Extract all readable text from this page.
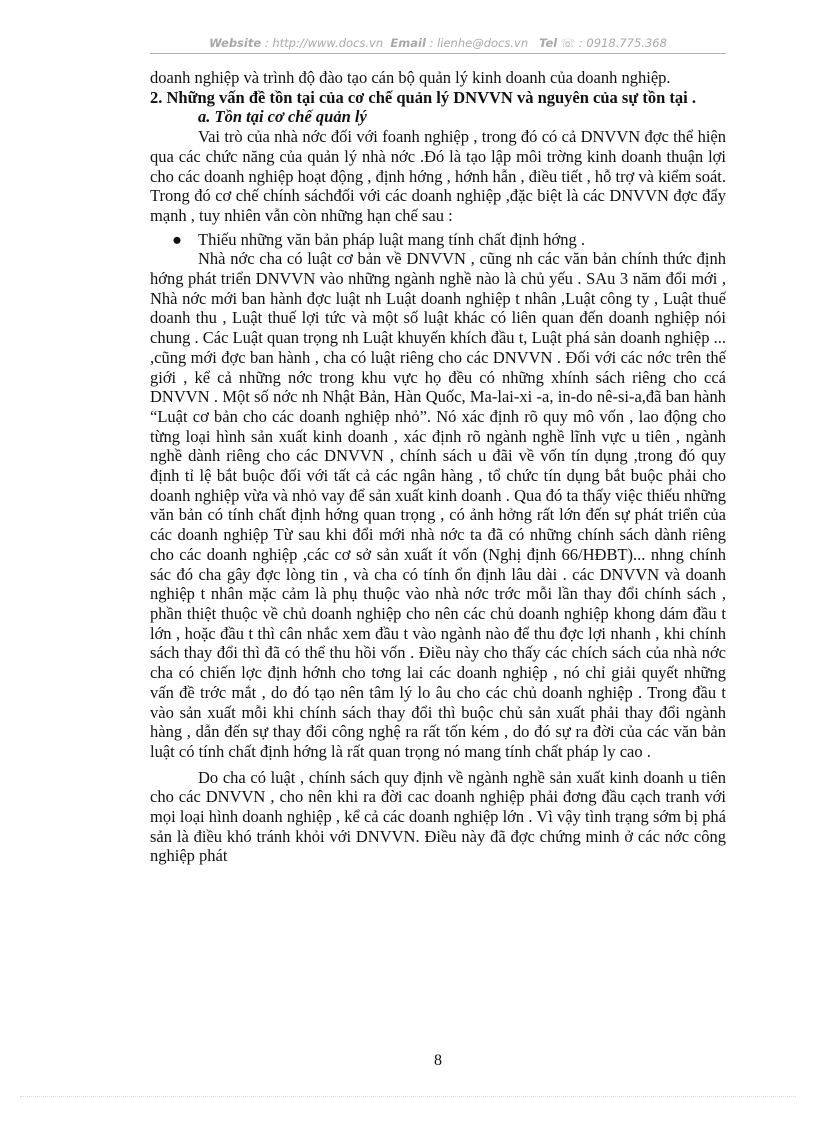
Website : http://www.docs.vn Email : lienhe@docs.vn Tel ☏ : 0918.775.368

doanh nghiệp và trình độ đào tạo cán bộ quản lý kinh doanh của doanh nghiệp.

2. Những vấn đề tồn tại của cơ chế quản lý DNVVN và nguyên của sự tồn tại .

a. Tồn tại cơ chế quản lý

Vai trò của nhà nớc đối với foanh nghiệp , trong đó có cả DNVVN đợc thể hiện qua các chức năng của quản lý nhà nớc .Đó là tạo lập môi trờng kinh doanh thuận lợi cho các doanh nghiệp hoạt động , định hớng , hớnh hẫn , điều tiết , hỗ trợ và kiểm soát. Trong đó cơ chế chính sáchđối với các doanh nghiệp ,đặc biệt là các DNVVN đợc đẩy mạnh , tuy nhiên vẫn còn những hạn chế sau :

● Thiếu những văn bản pháp luật mang tính chất định hớng .

Nhà nớc cha có luật cơ bản về DNVVN , cũng nh các văn bản chính thức định hớng phát triển DNVVN vào những ngành nghề nào là chủ yếu . SAu 3 năm đổi mới , Nhà nớc mới ban hành đợc luật nh Luật doanh nghiệp t nhân ,Luật công ty , Luật thuế doanh thu , Luật thuế lợi tức và một số luật khác có liên quan đến doanh nghiệp nói chung . Các Luật quan trọng nh Luật khuyến khích đầu t, Luật phá sản doanh nghiệp ... ,cũng mới đợc ban hành , cha có luật riêng cho các DNVVN . Đối với các nớc trên thế giới , kể cả những nớc trong khu vực họ đều có những xhính sách riêng cho ccá DNVVN . Một số nớc nh Nhật Bản, Hàn Quốc, Ma-lai-xi -a, in-do nê-si-a,đã ban hành “Luật cơ bản cho các doanh nghiệp nhỏ”. Nó xác định rõ quy mô vốn , lao động cho từng loại hình sản xuất kinh doanh , xác định rõ ngành nghề lĩnh vực u tiên , ngành nghề dành riêng cho các DNVVN , chính sách u đãi về vốn tín dụng ,trong đó quy định tỉ lệ bắt buộc đối với tất cả các ngân hàng , tổ chức tín dụng bắt buộc phải cho doanh nghiệp vừa và nhỏ vay để sản xuất kinh doanh . Qua đó ta thấy việc thiếu những văn bản có tính chất định hớng quan trọng , có ảnh hởng rất lớn đến sự phát triển của các doanh nghiệp Từ sau khi đổi mới nhà nớc ta đã có những chính sách dành riêng cho các doanh nghiệp ,các cơ sở sản xuất ít vốn (Nghị định 66/HĐBT)... nhng chính sác đó cha gây đợc lòng tin , và cha có tính ổn định lâu dài . các DNVVN và doanh nghiệp t nhân mặc cảm là phụ thuộc vào nhà nớc trớc mỗi lần thay đổi chính sách , phần thiệt thuộc về chủ doanh nghiệp cho nên các chủ doanh nghiệp khong dám đầu t lớn , hoặc đầu t thì cân nhắc xem đầu t vào ngành nào để thu đợc lợi nhanh , khi chính sách thay đổi thì đã có thể thu hồi vốn . Điều này cho thấy các chích sách của nhà nớc cha có chiến lợc định hớnh cho tơng lai các doanh nghiệp , nó chỉ giải quyết những vấn đề trớc mắt , do đó tạo nên tâm lý lo âu cho các chủ doanh nghiệp . Trong đầu t vào sản xuất mỗi khi chính sách thay đổi thì buộc chủ sản xuất phải thay đổi ngành hàng , dẫn đến sự thay đổi công nghệ ra rất tốn kém , do đó sự ra đời của các văn bản luật có tính chất định hớng là rất quan trọng nó mang tính chất pháp ly cao .

Do cha có luật , chính sách quy định về ngành nghề sản xuất kinh doanh u tiên cho các DNVVN , cho nên khi ra đời cac doanh nghiệp phải đơng đầu cạch tranh với mọi loại hình doanh nghiệp , kể cả các doanh nghiệp lớn . Vì vậy tình trạng sớm bị phá sản là điều khó tránh khỏi với DNVVN. Điều này đã đợc chứng minh ở các nớc công nghiệp phát

8
